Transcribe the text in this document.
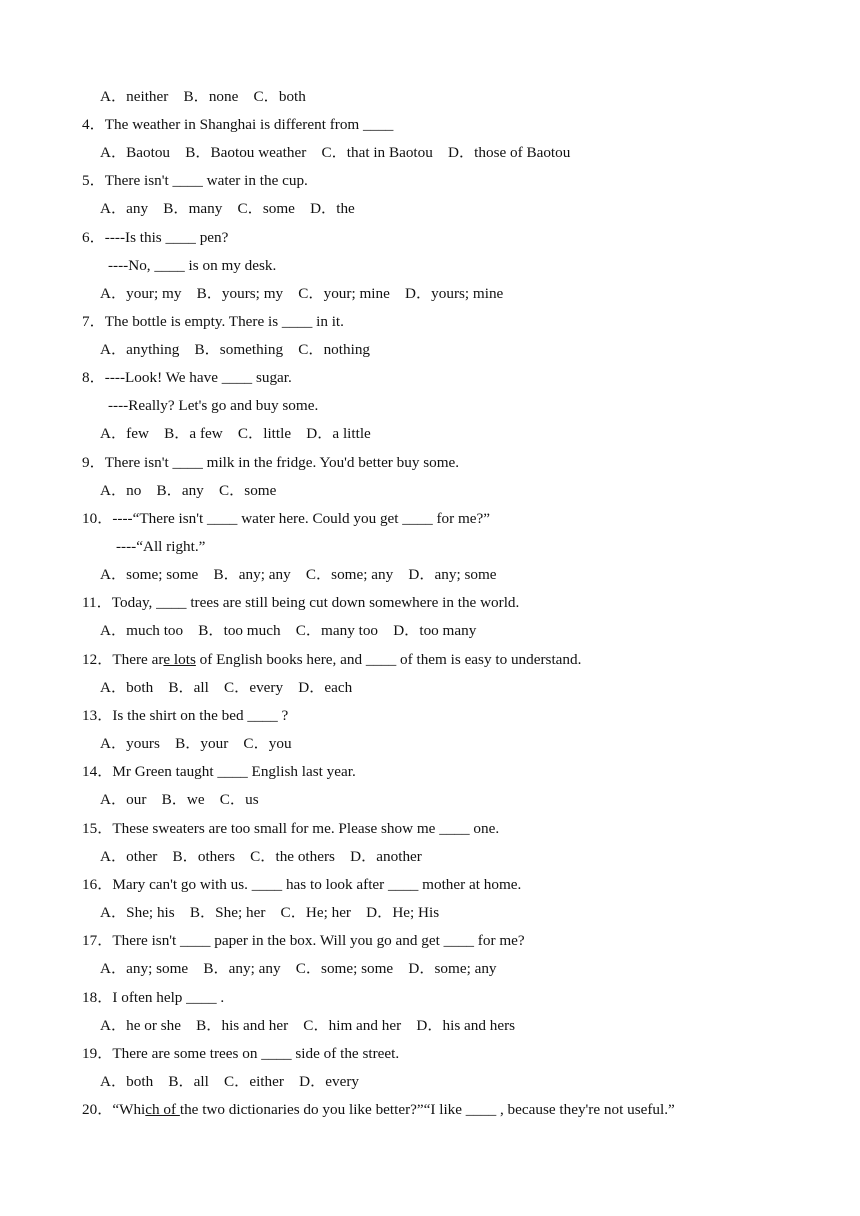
A．neither　B．none　C．both
4．The weather in Shanghai is different from ____
A．Baotou　B．Baotou weather　C．that in Baotou　D．those of Baotou
5．There isn't ____ water in the cup.
A．any　B．many　C．some　D．the
6．----Is this ____ pen?
----No, ____ is on my desk.
A．your; my　B．yours; my　C．your; mine　D．yours; mine
7．The bottle is empty. There is ____ in it.
A．anything　B．something　C．nothing
8．----Look! We have ____ sugar.
----Really? Let's go and buy some.
A．few　B．a few　C．little　D．a little
9．There isn't ____ milk in the fridge. You'd better buy some.
A．no　B．any　C．some
10．----“There isn't ____ water here. Could you get ____ for me?”
----“All right.”
A．some; some　B．any; any　C．some; any　D．any; some
11．Today, ____ trees are still being cut down somewhere in the world.
A．much too　B．too much　C．many too　D．too many
12．There are lots of English books here, and ____ of them is easy to understand.
A．both　B．all　C．every　D．each
13．Is the shirt on the bed ____ ?
A．yours　B．your　C．you
14．Mr Green taught ____ English last year.
A．our　B．we　C．us
15．These sweaters are too small for me. Please show me ____ one.
A．other　B．others　C．the others　D．another
16．Mary can't go with us. ____ has to look after ____ mother at home.
A．She; his　B．She; her　C．He; her　D．He; His
17．There isn't ____ paper in the box. Will you go and get ____ for me?
A．any; some　B．any; any　C．some; some　D．some; any
18．I often help ____ .
A．he or she　B．his and her　C．him and her　D．his and hers
19．There are some trees on ____ side of the street.
A．both　B．all　C．either　D．every
20．“Which of the two dictionaries do you like better?”“I like ____ , because they're not useful.”
